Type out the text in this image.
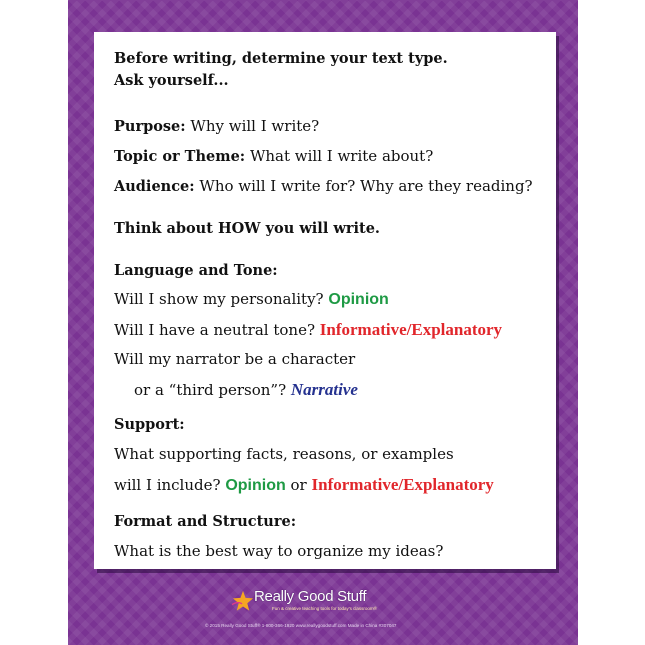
Before writing, determine your text type.
Ask yourself...
Purpose: Why will I write?
Topic or Theme: What will I write about?
Audience: Who will I write for? Why are they reading?
Think about HOW you will write.
Language and Tone:
Will I show my personality? Opinion
Will I have a neutral tone? Informative/Explanatory
Will my narrator be a character
or a “third person”? Narrative
Support:
What supporting facts, reasons, or examples
will I include? Opinion or Informative/Explanatory
Format and Structure:
What is the best way to organize my ideas?
Really Good Stuff
Fun & creative teaching tools for today's classroom®
© 2015 Really Good Stuff® 1-800-366-1920 www.reallygoodstuff.com Made in China #307047
